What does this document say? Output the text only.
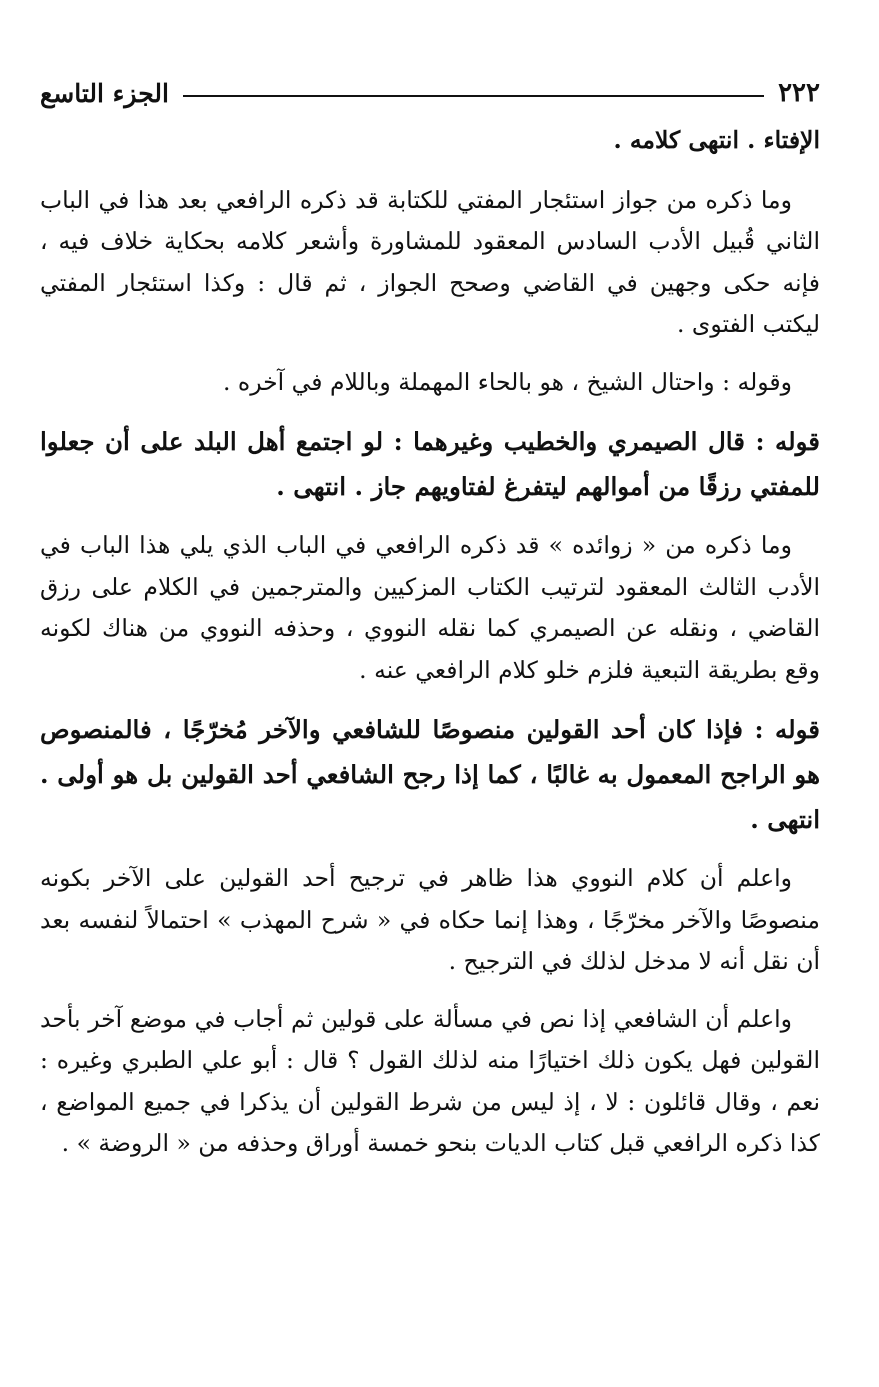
٢٢٢
الجزء التاسع

الإفتاء . انتهى كلامه .

وما ذكره من جواز استئجار المفتي للكتابة قد ذكره الرافعي بعد هذا في الباب الثاني قُبيل الأدب السادس المعقود للمشاورة وأشعر كلامه بحكاية خلاف فيه ، فإنه حكى وجهين في القاضي وصحح الجواز ، ثم قال : وكذا استئجار المفتي ليكتب الفتوى .

وقوله : واحتال الشيخ ، هو بالحاء المهملة وباللام في آخره .

قوله : قال الصيمري والخطيب وغيرهما : لو اجتمع أهل البلد على أن جعلوا للمفتي رزقًا من أموالهم ليتفرغ لفتاويهم جاز . انتهى .

وما ذكره من « زوائده » قد ذكره الرافعي في الباب الذي يلي هذا الباب في الأدب الثالث المعقود لترتيب الكتاب المزكيين والمترجمين في الكلام على رزق القاضي ، ونقله عن الصيمري كما نقله النووي ، وحذفه النووي من هناك لكونه وقع بطريقة التبعية فلزم خلو كلام الرافعي عنه .

قوله : فإذا كان أحد القولين منصوصًا للشافعي والآخر مُخرّجًا ، فالمنصوص هو الراجح المعمول به غالبًا ، كما إذا رجح الشافعي أحد القولين بل هو أولى . انتهى .

واعلم أن كلام النووي هذا ظاهر في ترجيح أحد القولين على الآخر بكونه منصوصًا والآخر مخرّجًا ، وهذا إنما حكاه في « شرح المهذب » احتمالاً لنفسه بعد أن نقل أنه لا مدخل لذلك في الترجيح .

واعلم أن الشافعي إذا نص في مسألة على قولين ثم أجاب في موضع آخر بأحد القولين فهل يكون ذلك اختيارًا منه لذلك القول ؟ قال : أبو علي الطبري وغيره : نعم ، وقال قائلون : لا ، إذ ليس من شرط القولين أن يذكرا في جميع المواضع ، كذا ذكره الرافعي قبل كتاب الديات بنحو خمسة أوراق وحذفه من « الروضة » .
